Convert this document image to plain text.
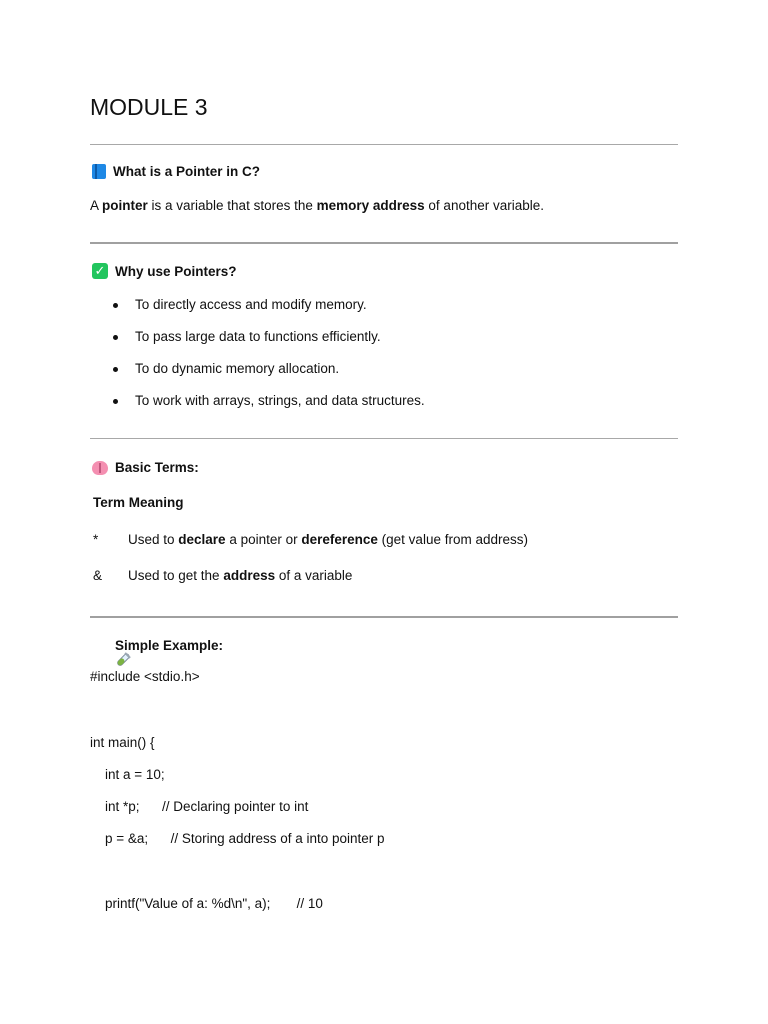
MODULE 3
What is a Pointer in C?
A pointer is a variable that stores the memory address of another variable.
✓ Why use Pointers?
To directly access and modify memory.
To pass large data to functions efficiently.
To do dynamic memory allocation.
To work with arrays, strings, and data structures.
Basic Terms:
Term Meaning
* Used to declare a pointer or dereference (get value from address)
& Used to get the address of a variable

Simple Example:
#include <stdio.h>
int main() {
int a = 10;
int *p;      // Declaring pointer to int
p = &a;      // Storing address of a into pointer p
printf("Value of a: %d\n", a);       // 10
